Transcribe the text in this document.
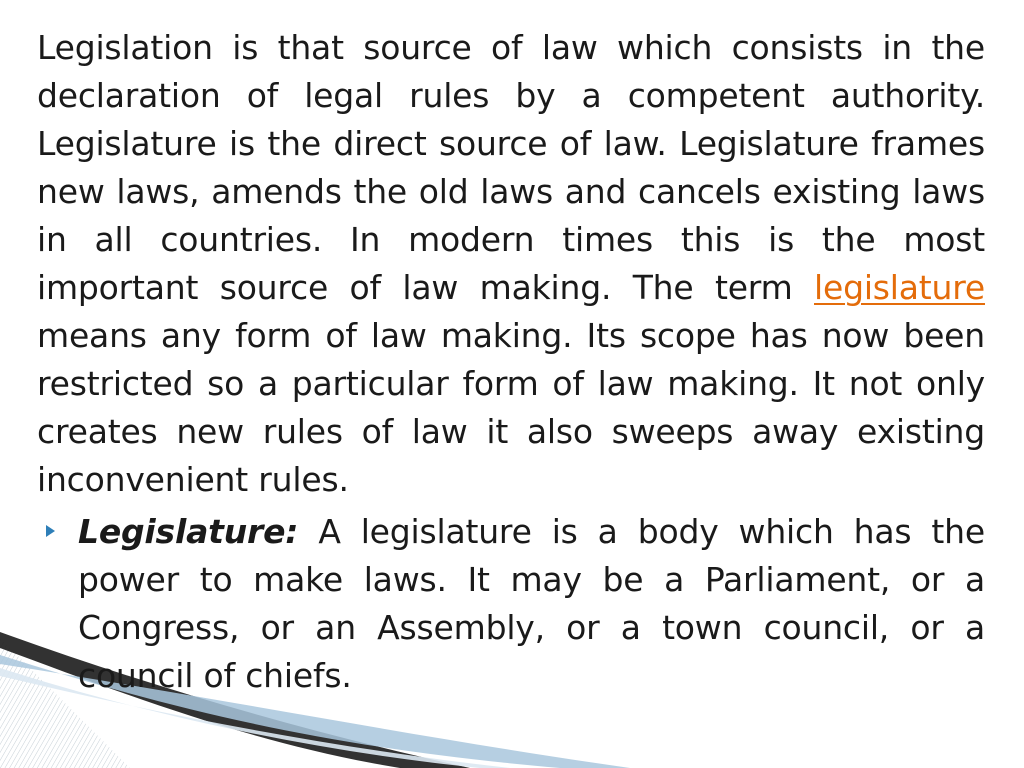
Legislation is that source of law which consists in the declaration of legal rules by a competent authority. Legislature is the direct source of law. Legislature frames new laws, amends the old laws and cancels existing laws in all countries. In modern times this is the most important source of law making. The term legislature means any form of law making. Its scope has now been restricted so a particular form of law making. It not only creates new rules of law it also sweeps away existing inconvenient rules.

Legislature: A legislature is a body which has the power to make laws. It may be a Parliament, or a Congress, or an Assembly, or a town council, or a council of chiefs.
